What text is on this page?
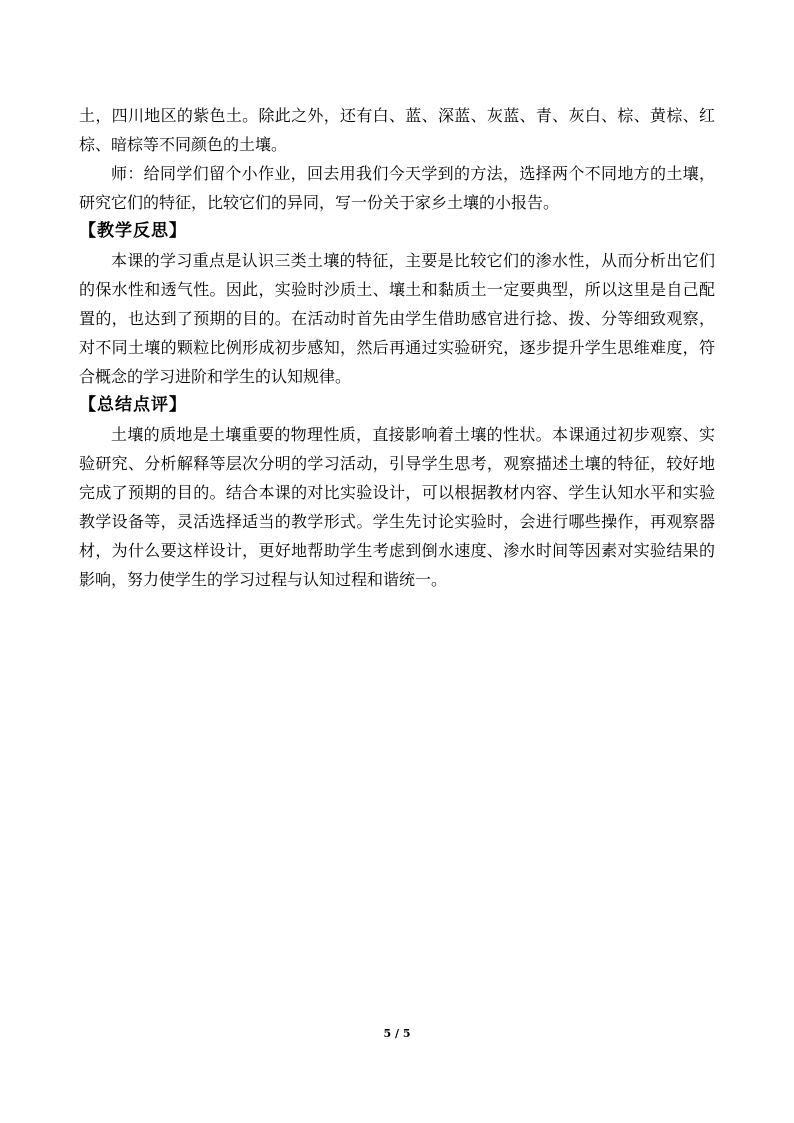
土，四川地区的紫色土。除此之外，还有白、蓝、深蓝、灰蓝、青、灰白、棕、黄棕、红棕、暗棕等不同颜色的土壤。

师：给同学们留个小作业，回去用我们今天学到的方法，选择两个不同地方的土壤，研究它们的特征，比较它们的异同，写一份关于家乡土壤的小报告。

【教学反思】

本课的学习重点是认识三类土壤的特征，主要是比较它们的渗水性，从而分析出它们的保水性和透气性。因此，实验时沙质土、壤土和黏质土一定要典型，所以这里是自己配置的，也达到了预期的目的。在活动时首先由学生借助感官进行捻、拨、分等细致观察，对不同土壤的颗粒比例形成初步感知，然后再通过实验研究，逐步提升学生思维难度，符合概念的学习进阶和学生的认知规律。

【总结点评】

土壤的质地是土壤重要的物理性质，直接影响着土壤的性状。本课通过初步观察、实验研究、分析解释等层次分明的学习活动，引导学生思考，观察描述土壤的特征，较好地完成了预期的目的。结合本课的对比实验设计，可以根据教材内容、学生认知水平和实验教学设备等，灵活选择适当的教学形式。学生先讨论实验时，会进行哪些操作，再观察器材，为什么要这样设计，更好地帮助学生考虑到倒水速度、渗水时间等因素对实验结果的影响，努力使学生的学习过程与认知过程和谐统一。

5 / 5
